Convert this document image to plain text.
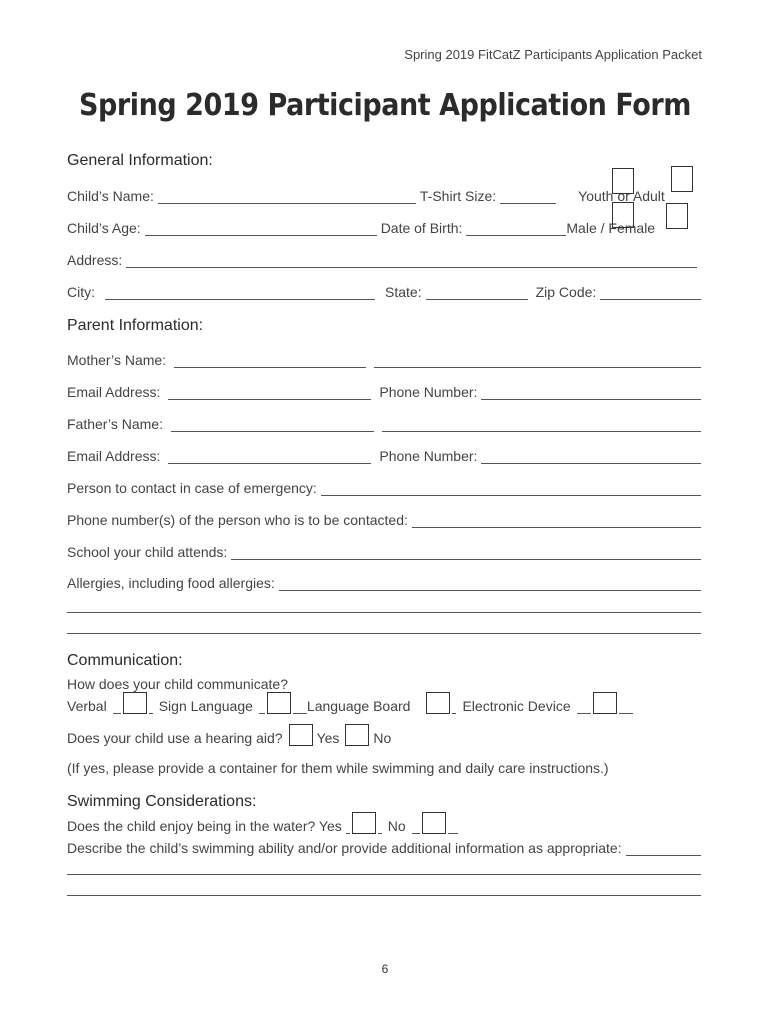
Spring 2019 FitCatZ Participants Application Packet
Spring 2019 Participant Application Form
General Information:
Child’s Name:	T-Shirt Size:	Youth or Adult
Child’s Age:	Date of Birth:	Male / Female
Address:
City:	State:	Zip Code:
Parent Information:
Mother’s Name:
Email Address:	Phone Number:
Father’s Name:
Email Address:	Phone Number:
Person to contact in case of emergency:
Phone number(s) of the person who is to be contacted:
School your child attends:
Allergies, including food allergies:
Communication:
How does your child communicate?
Verbal	Sign Language	Language Board	Electronic Device
Does your child use a hearing aid? Yes No
(If yes, please provide a container for them while swimming and daily care instructions.)
Swimming Considerations:
Does the child enjoy being in the water? Yes	No
Describe the child’s swimming ability and/or provide additional information as appropriate:
6
